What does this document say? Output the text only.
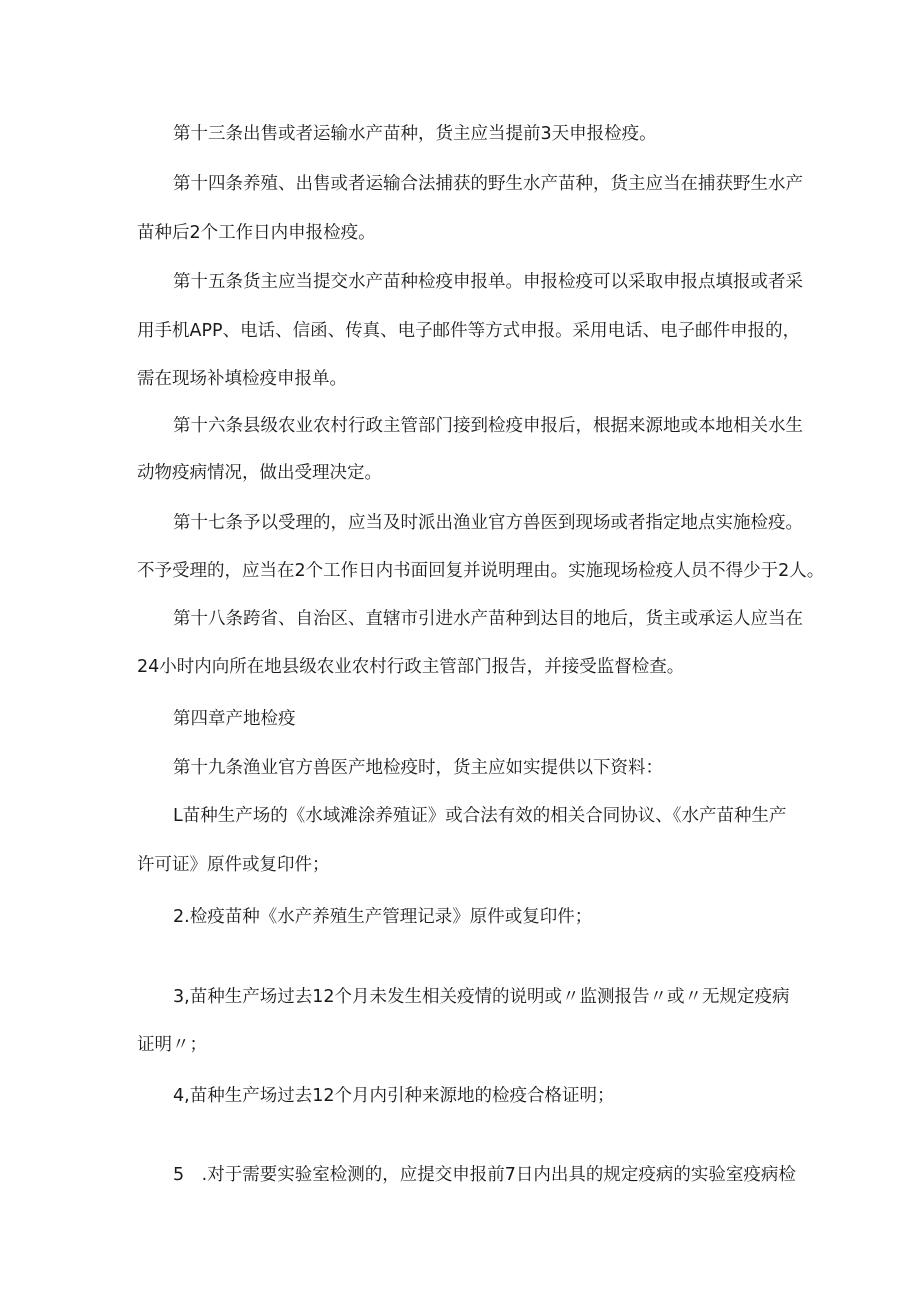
第十三条出售或者运输水产苗种，货主应当提前3天申报检疫。
第十四条养殖、出售或者运输合法捕获的野生水产苗种，货主应当在捕获野生水产
苗种后2个工作日内申报检疫。
第十五条货主应当提交水产苗种检疫申报单。申报检疫可以采取申报点填报或者采
用手机APP、电话、信函、传真、电子邮件等方式申报。采用电话、电子邮件申报的，
需在现场补填检疫申报单。
第十六条县级农业农村行政主管部门接到检疫申报后，根据来源地或本地相关水生
动物疫病情况，做出受理决定。
第十七条予以受理的，应当及时派出渔业官方兽医到现场或者指定地点实施检疫。
不予受理的，应当在2个工作日内书面回复并说明理由。实施现场检疫人员不得少于2人。
第十八条跨省、自治区、直辖市引进水产苗种到达目的地后，货主或承运人应当在
24小时内向所在地县级农业农村行政主管部门报告，并接受监督检查。
第四章产地检疫
第十九条渔业官方兽医产地检疫时，货主应如实提供以下资料：
L苗种生产场的《水域滩涂养殖证》或合法有效的相关合同协议、《水产苗种生产
许可证》原件或复印件；
2.检疫苗种《水产养殖生产管理记录》原件或复印件；
3,苗种生产场过去12个月未发生相关疫情的说明或〃监测报告〃或〃无规定疫病
证明〃；
4,苗种生产场过去12个月内引种来源地的检疫合格证明；
5　.对于需要实验室检测的，应提交申报前7日内出具的规定疫病的实验室疫病检
